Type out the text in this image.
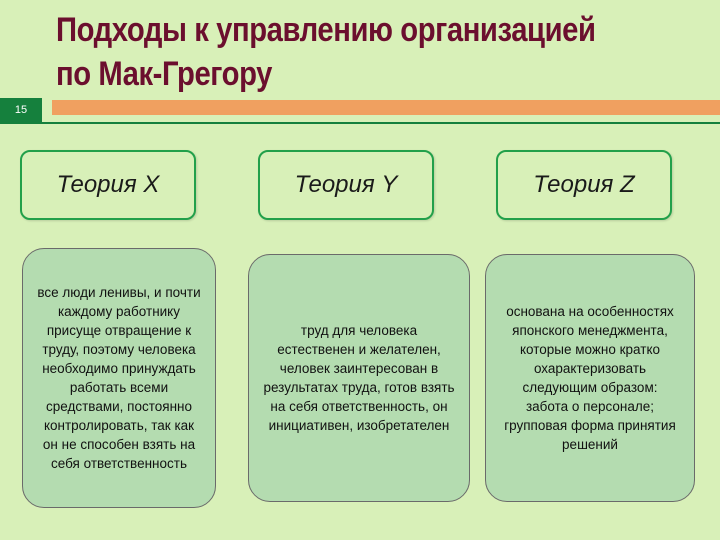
Подходы к управлению организацией
по Мак-Грегору
15
Теория X	Теория Y	Теория Z
все люди ленивы, и почти каждому работнику присуще отвращение к труду, поэтому человека необходимо принуждать работать всеми средствами, постоянно контролировать, так как он не способен взять на себя ответственность
труд для человека естественен и желателен, человек заинтересован в результатах труда, готов взять на себя ответственность, он инициативен, изобретателен
основана на особенностях японского менеджмента, которые можно кратко охарактеризовать следующим образом: забота о персонале; групповая форма принятия решений
